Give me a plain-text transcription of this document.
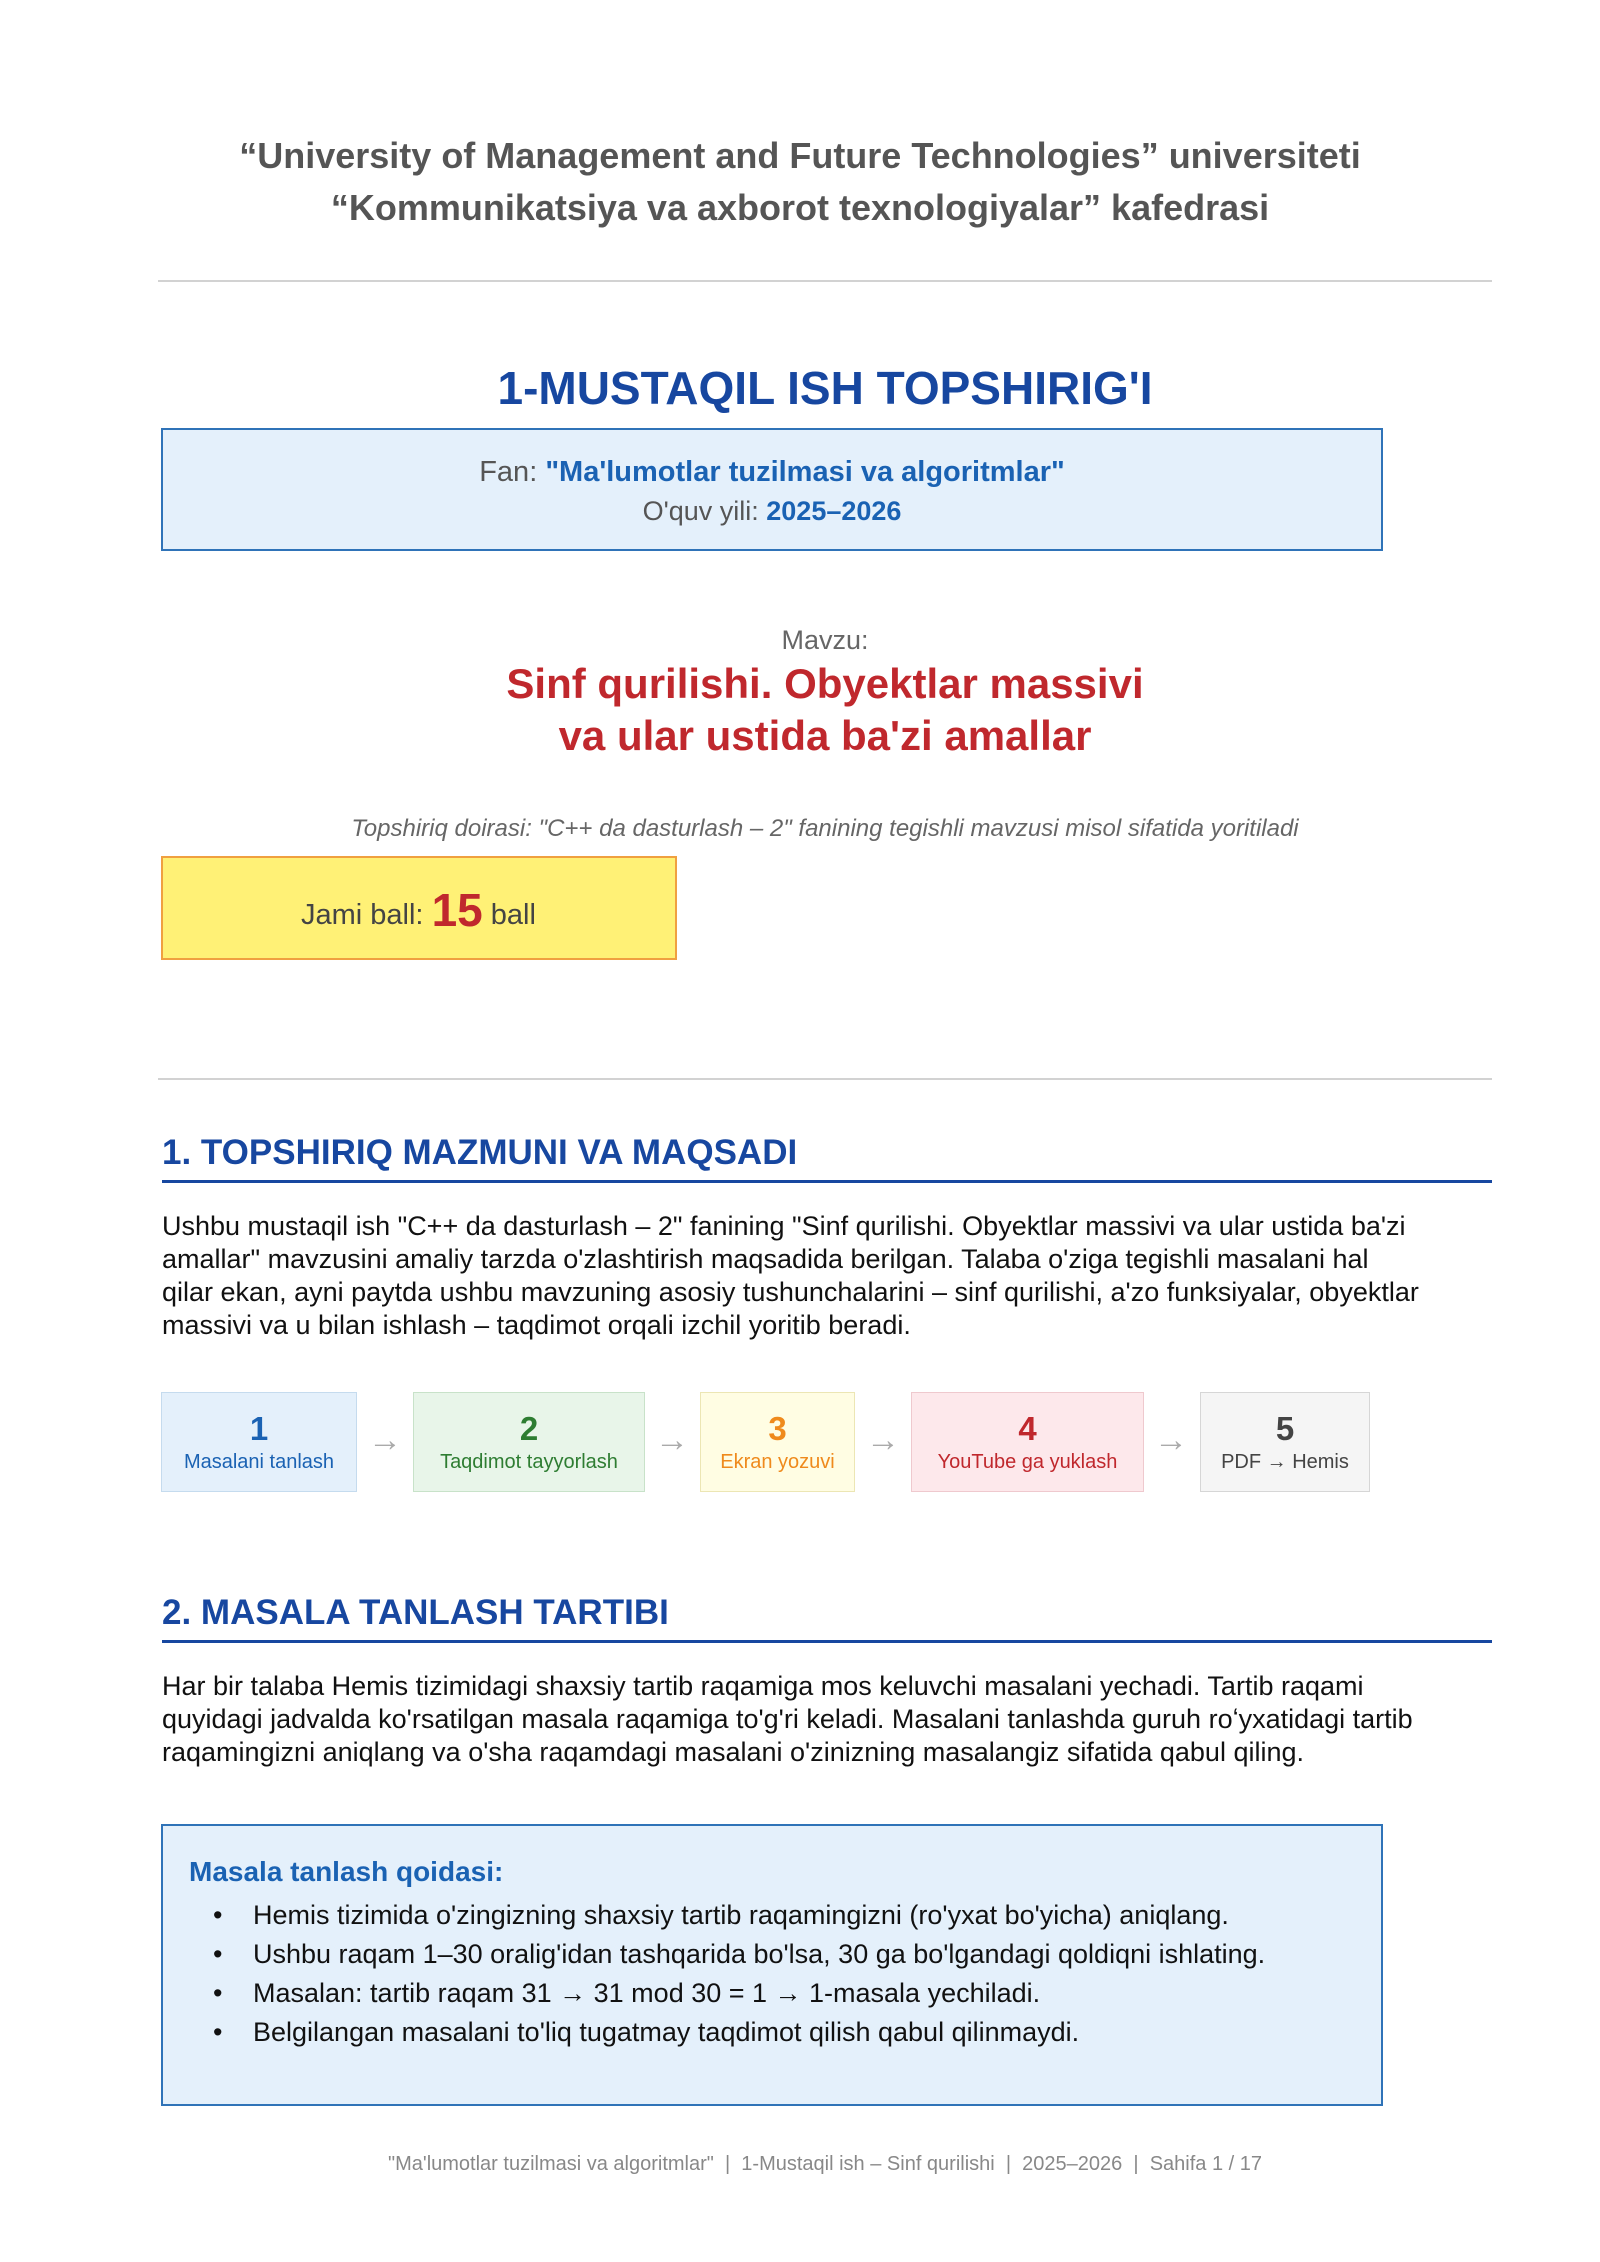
“University of Management and Future Technologies” universiteti
“Kommunikatsiya va axborot texnologiyalar” kafedrasi
1-MUSTAQIL ISH TOPSHIRIG'I
Fan: "Ma'lumotlar tuzilmasi va algoritmlar"
O'quv yili: 2025–2026
Mavzu:
Sinf qurilishi. Obyektlar massivi
va ular ustida ba'zi amallar
Topshiriq doirasi: "C++ da dasturlash – 2" fanining tegishli mavzusi misol sifatida yoritiladi
Jami ball: 15 ball
1. TOPSHIRIQ MAZMUNI VA MAQSADI
Ushbu mustaqil ish "C++ da dasturlash – 2" fanining "Sinf qurilishi. Obyektlar massivi va ular ustida ba'zi
amallar" mavzusini amaliy tarzda o'zlashtirish maqsadida berilgan. Talaba o'ziga tegishli masalani hal
qilar ekan, ayni paytda ushbu mavzuning asosiy tushunchalarini – sinf qurilishi, a'zo funksiyalar, obyektlar
massivi va u bilan ishlash – taqdimot orqali izchil yoritib beradi.
1
Masalani tanlash
→	2
Taqdimot tayyorlash
→	3
Ekran yozuvi
→	4
YouTube ga yuklash
→	5
PDF → Hemis
2. MASALA TANLASH TARTIBI
Har bir talaba Hemis tizimidagi shaxsiy tartib raqamiga mos keluvchi masalani yechadi. Tartib raqami
quyidagi jadvalda ko'rsatilgan masala raqamiga to'g'ri keladi. Masalani tanlashda guruh roʻyxatidagi tartib
raqamingizni aniqlang va o'sha raqamdagi masalani o'zinizning masalangiz sifatida qabul qiling.
Masala tanlash qoidasi:
•Hemis tizimida o'zingizning shaxsiy tartib raqamingizni (ro'yxat bo'yicha) aniqlang.
•Ushbu raqam 1–30 oralig'idan tashqarida bo'lsa, 30 ga bo'lgandagi qoldiqni ishlating.
•Masalan: tartib raqam 31 → 31 mod 30 = 1 → 1-masala yechiladi.
•Belgilangan masalani to'liq tugatmay taqdimot qilish qabul qilinmaydi.
"Ma'lumotlar tuzilmasi va algoritmlar"  |  1-Mustaqil ish – Sinf qurilishi  |  2025–2026  |  Sahifa 1 / 17
